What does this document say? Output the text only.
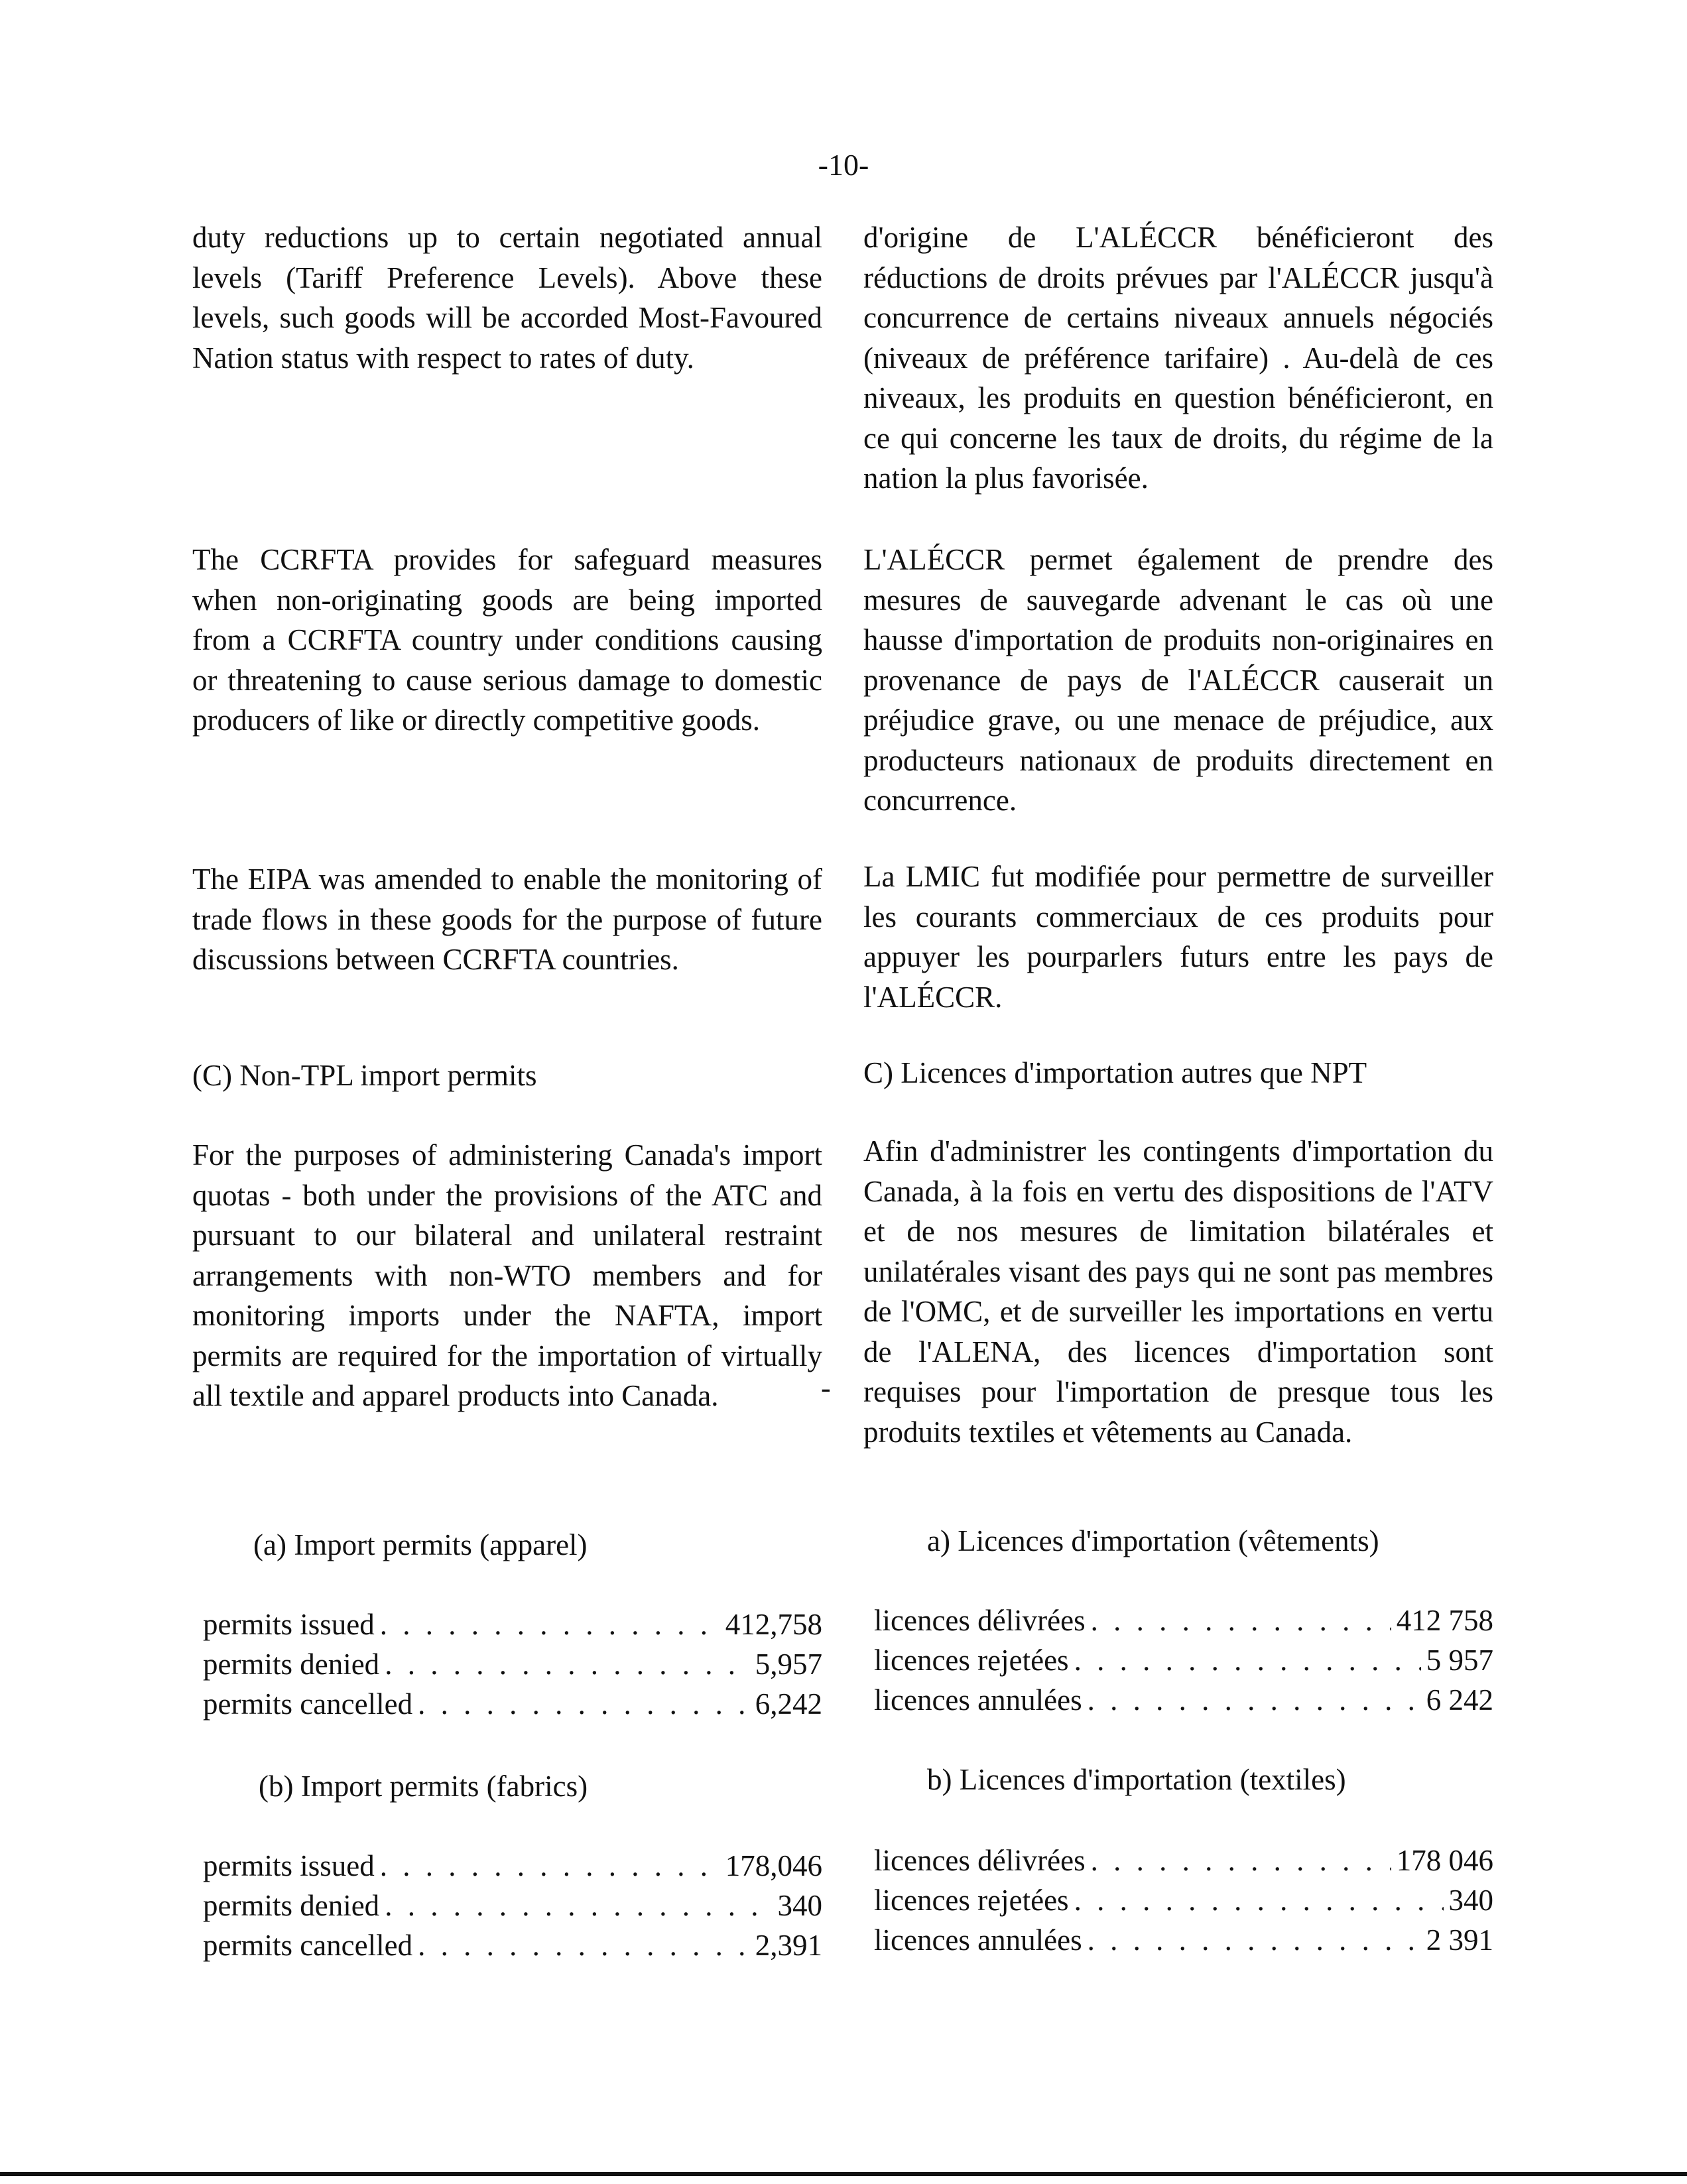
-10-

duty reductions up to certain negotiated annual levels (Tariff Preference Levels). Above these levels, such goods will be accorded Most-Favoured Nation status with respect to rates of duty.

The CCRFTA provides for safeguard measures when non-originating goods are being imported from a CCRFTA country under conditions causing or threatening to cause serious damage to domestic producers of like or directly competitive goods.

The EIPA was amended to enable the monitoring of trade flows in these goods for the purpose of future discussions between CCRFTA countries.

(C) Non-TPL import permits

For the purposes of administering Canada's import quotas - both under the provisions of the ATC and pursuant to our bilateral and unilateral restraint arrangements with non-WTO members and for monitoring imports under the NAFTA, import permits are required for the importation of virtually all textile and apparel products into Canada.

(a) Import permits (apparel)

permits issued . . .	412,758
permits denied . . .	5,957
permits cancelled . . .	6,242

(b) Import permits (fabrics)

permits issued . . .	178,046
permits denied . . .	340
permits cancelled . . .	2,391
-

d'origine de L'ALÉCCR bénéficieront des réductions de droits prévues par l'ALÉCCR jusqu'à concurrence de certains niveaux annuels négociés (niveaux de préférence tarifaire) . Au-delà de ces niveaux, les produits en question bénéficieront, en ce qui concerne les taux de droits, du régime de la nation la plus favorisée.

L'ALÉCCR permet également de prendre des mesures de sauvegarde advenant le cas où une hausse d'importation de produits non-originaires en provenance de pays de l'ALÉCCR causerait un préjudice grave, ou une menace de préjudice, aux producteurs nationaux de produits directement en concurrence.

La LMIC fut modifiée pour permettre de surveiller les courants commerciaux de ces produits pour appuyer les pourparlers futurs entre les pays de l'ALÉCCR.

C) Licences d'importation autres que NPT

Afin d'administrer les contingents d'importation du Canada, à la fois en vertu des dispositions de l'ATV et de nos mesures de limitation bilatérales et unilatérales visant des pays qui ne sont pas membres de l'OMC, et de surveiller les importations en vertu de l'ALENA, des licences d'importation sont requises pour l'importation de presque tous les produits textiles et vêtements au Canada.

a) Licences d'importation (vêtements)

licences délivrées . . .	412 758
licences rejetées . . .	5 957
licences annulées . . .	6 242

b) Licences d'importation (textiles)

licences délivrées . . .	178 046
licences rejetées . . .	340
licences annulées . . .	2 391
